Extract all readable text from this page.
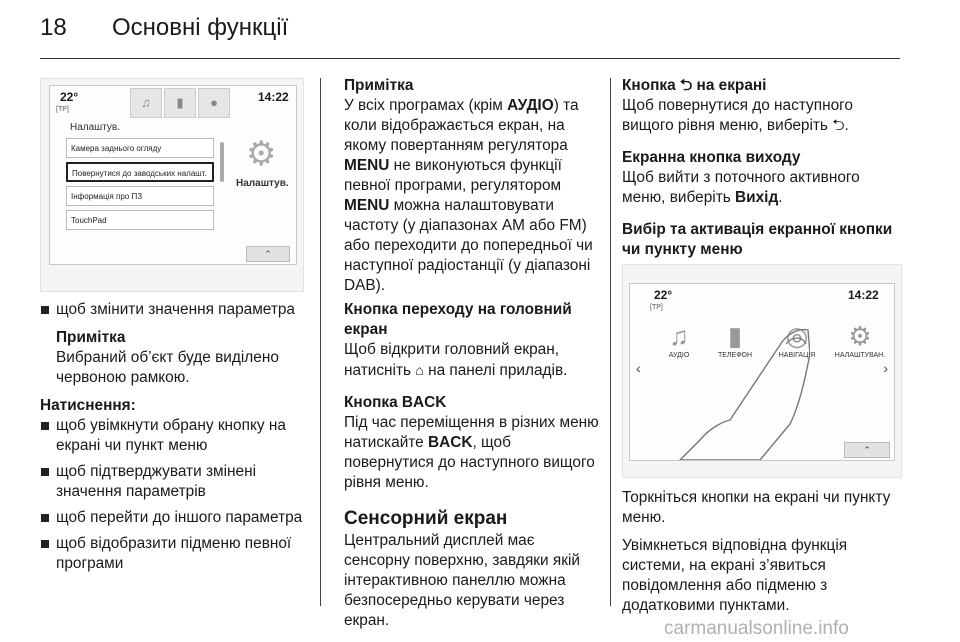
18 Основні функції
22°
[TP]	♫	▮	●	14:22
Налаштув.
Камера заднього огляду
Повернутися до заводських налашт.
Інформація про ПЗ
TouchPad
⚙
Налаштув.
⌃

щоб змінити значення параметра

Примітка

Вибраний об’єкт буде виділено червоною рамкою.

Натиснення:

щоб увімкнути обрану кнопку на екрані чи пункт меню

щоб підтверджувати змінені значення параметрів

щоб перейти до іншого параметра

щоб відобразити підменю певної програми

Примітка

У всіх програмах (крім АУДІО) та коли відображається екран, на якому повертанням регулятора MENU не виконуються функції певної програми, регулятором MENU можна налаштовувати частоту (у діапазонах AM або FM) або переходити до попередньої чи наступної радіостанції (у діапазоні DAB).

Кнопка переходу на головний екран

Щоб відкрити головний екран, натисніть ⌂ на панелі приладів.

Кнопка BACK

Під час переміщення в різних меню натискайте BACK, щоб повернутися до наступного вищого рівня меню.

Сенсорний екран

Центральний дисплей має сенсорну поверхню, завдяки якій інтерактивною панеллю можна безпосередньо керувати через екран.

Кнопка ⮌ на екрані

Щоб повернутися до наступного вищого рівня меню, виберіть ⮌.

Екранна кнопка виходу

Щоб вийти з поточного активного меню, виберіть Вихід.

Вибір та активація екранної кнопки чи пункту меню

22°
[TP]
14:22
‹	›
♫
АУДІО
▮
ТЕЛЕФОН
◎
НАВІГАЦІЯ
⚙
НАЛАШТУВАН.
⌃

Торкніться кнопки на екрані чи пункту меню.

Увімкнеться відповідна функція системи, на екрані з’явиться повідомлення або підменю з додатковими пунктами.

carmanualsonline.info
